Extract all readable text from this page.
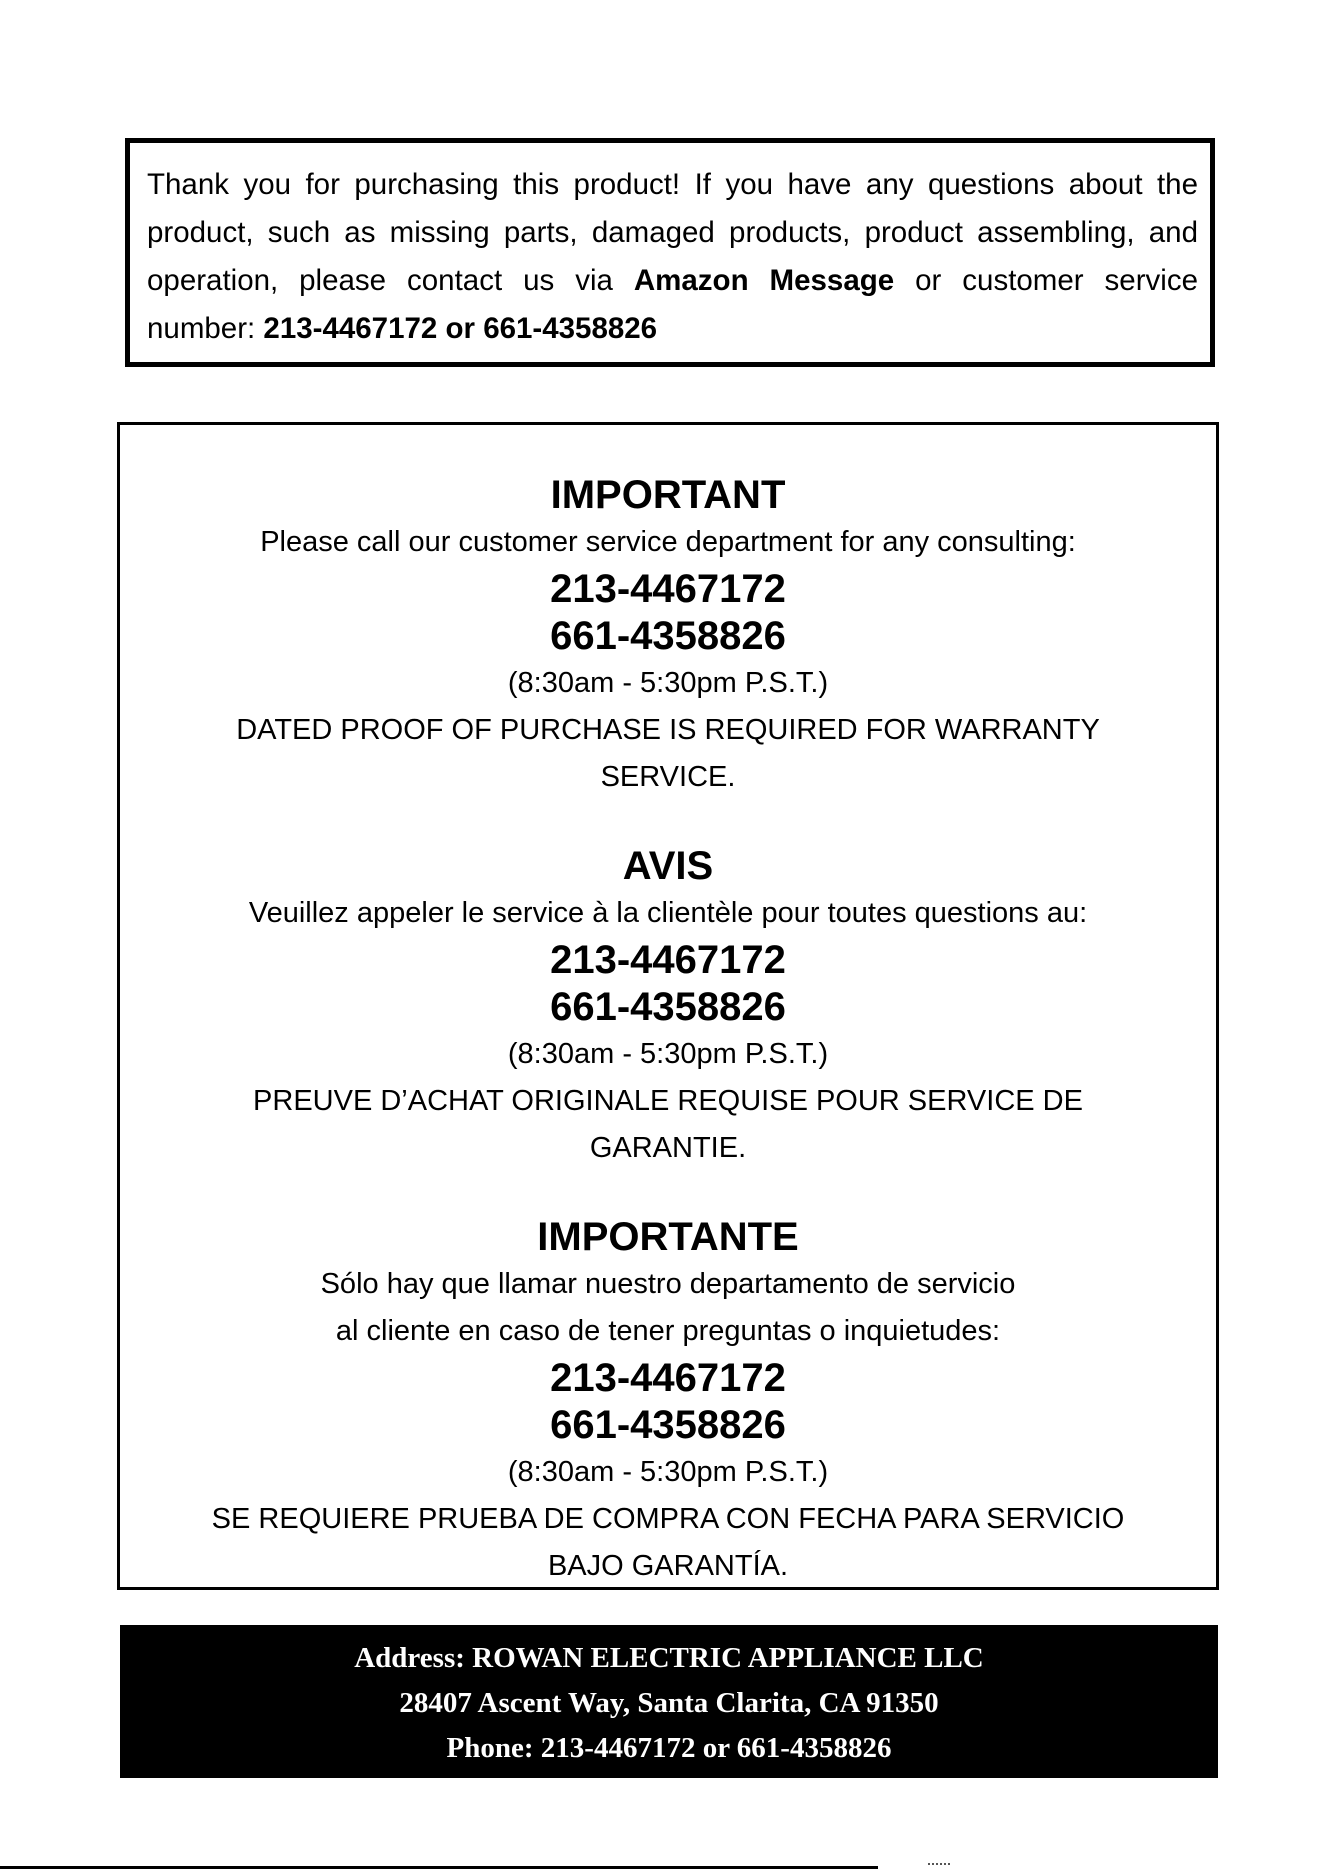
Thank you for purchasing this product! If you have any questions about the product, such as missing parts, damaged products, product assembling, and operation, please contact us via Amazon Message or customer service number: 213-4467172 or 661-4358826

IMPORTANT
Please call our customer service department for any consulting:
213-4467172
661-4358826
(8:30am - 5:30pm P.S.T.)
DATED PROOF OF PURCHASE IS REQUIRED FOR WARRANTY
SERVICE.
AVIS
Veuillez appeler le service à la clientèle pour toutes questions au:
213-4467172
661-4358826
(8:30am - 5:30pm P.S.T.)
PREUVE D’ACHAT ORIGINALE REQUISE POUR SERVICE DE
GARANTIE.
IMPORTANTE
Sólo hay que llamar nuestro departamento de servicio
al cliente en caso de tener preguntas o inquietudes:
213-4467172
661-4358826
(8:30am - 5:30pm P.S.T.)
SE REQUIERE PRUEBA DE COMPRA CON FECHA PARA SERVICIO
BAJO GARANTÍA.
Address: ROWAN ELECTRIC APPLIANCE LLC
28407 Ascent Way, Santa Clarita, CA 91350
Phone: 213-4467172 or 661-4358826
